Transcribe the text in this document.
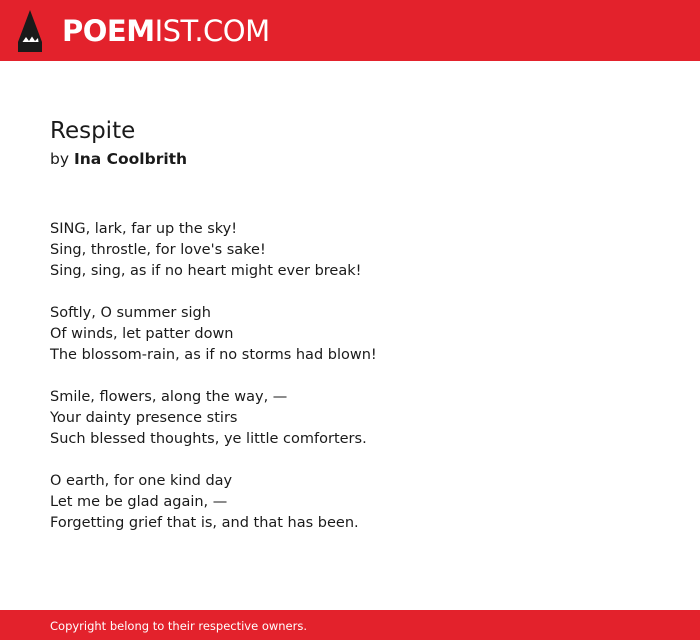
POEMIST.COM
Respite
by Ina Coolbrith
SING, lark, far up the sky!
Sing, throstle, for love's sake!
Sing, sing, as if no heart might ever break!
Softly, O summer sigh
Of winds, let patter down
The blossom-rain, as if no storms had blown!
Smile, flowers, along the way, —
Your dainty presence stirs
Such blessed thoughts, ye little comforters.
O earth, for one kind day
Let me be glad again, —
Forgetting grief that is, and that has been.
Copyright belong to their respective owners.
